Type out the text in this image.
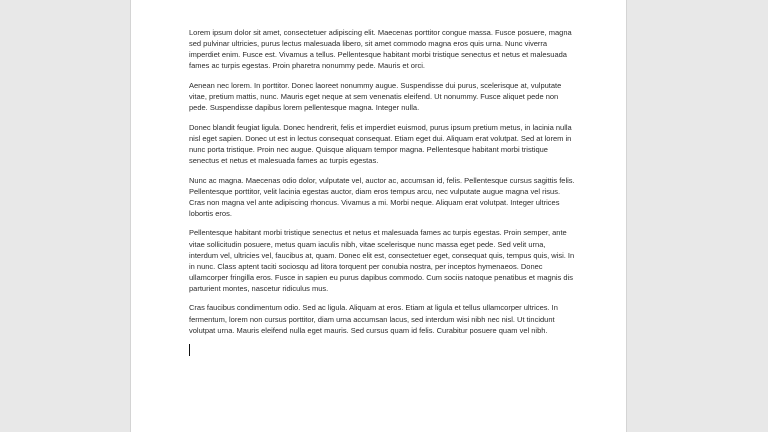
Lorem ipsum dolor sit amet, consectetuer adipiscing elit. Maecenas porttitor congue massa. Fusce posuere, magna sed pulvinar ultricies, purus lectus malesuada libero, sit amet commodo magna eros quis urna. Nunc viverra imperdiet enim. Fusce est. Vivamus a tellus. Pellentesque habitant morbi tristique senectus et netus et malesuada fames ac turpis egestas. Proin pharetra nonummy pede. Mauris et orci.

Aenean nec lorem. In porttitor. Donec laoreet nonummy augue. Suspendisse dui purus, scelerisque at, vulputate vitae, pretium mattis, nunc. Mauris eget neque at sem venenatis eleifend. Ut nonummy. Fusce aliquet pede non pede. Suspendisse dapibus lorem pellentesque magna. Integer nulla.

Donec blandit feugiat ligula. Donec hendrerit, felis et imperdiet euismod, purus ipsum pretium metus, in lacinia nulla nisl eget sapien. Donec ut est in lectus consequat consequat. Etiam eget dui. Aliquam erat volutpat. Sed at lorem in nunc porta tristique. Proin nec augue. Quisque aliquam tempor magna. Pellentesque habitant morbi tristique senectus et netus et malesuada fames ac turpis egestas.

Nunc ac magna. Maecenas odio dolor, vulputate vel, auctor ac, accumsan id, felis. Pellentesque cursus sagittis felis. Pellentesque porttitor, velit lacinia egestas auctor, diam eros tempus arcu, nec vulputate augue magna vel risus. Cras non magna vel ante adipiscing rhoncus. Vivamus a mi. Morbi neque. Aliquam erat volutpat. Integer ultrices lobortis eros.

Pellentesque habitant morbi tristique senectus et netus et malesuada fames ac turpis egestas. Proin semper, ante vitae sollicitudin posuere, metus quam iaculis nibh, vitae scelerisque nunc massa eget pede. Sed velit urna, interdum vel, ultricies vel, faucibus at, quam. Donec elit est, consectetuer eget, consequat quis, tempus quis, wisi. In in nunc. Class aptent taciti sociosqu ad litora torquent per conubia nostra, per inceptos hymenaeos. Donec ullamcorper fringilla eros. Fusce in sapien eu purus dapibus commodo. Cum sociis natoque penatibus et magnis dis parturient montes, nascetur ridiculus mus.

Cras faucibus condimentum odio. Sed ac ligula. Aliquam at eros. Etiam at ligula et tellus ullamcorper ultrices. In fermentum, lorem non cursus porttitor, diam urna accumsan lacus, sed interdum wisi nibh nec nisl. Ut tincidunt volutpat urna. Mauris eleifend nulla eget mauris. Sed cursus quam id felis. Curabitur posuere quam vel nibh.
